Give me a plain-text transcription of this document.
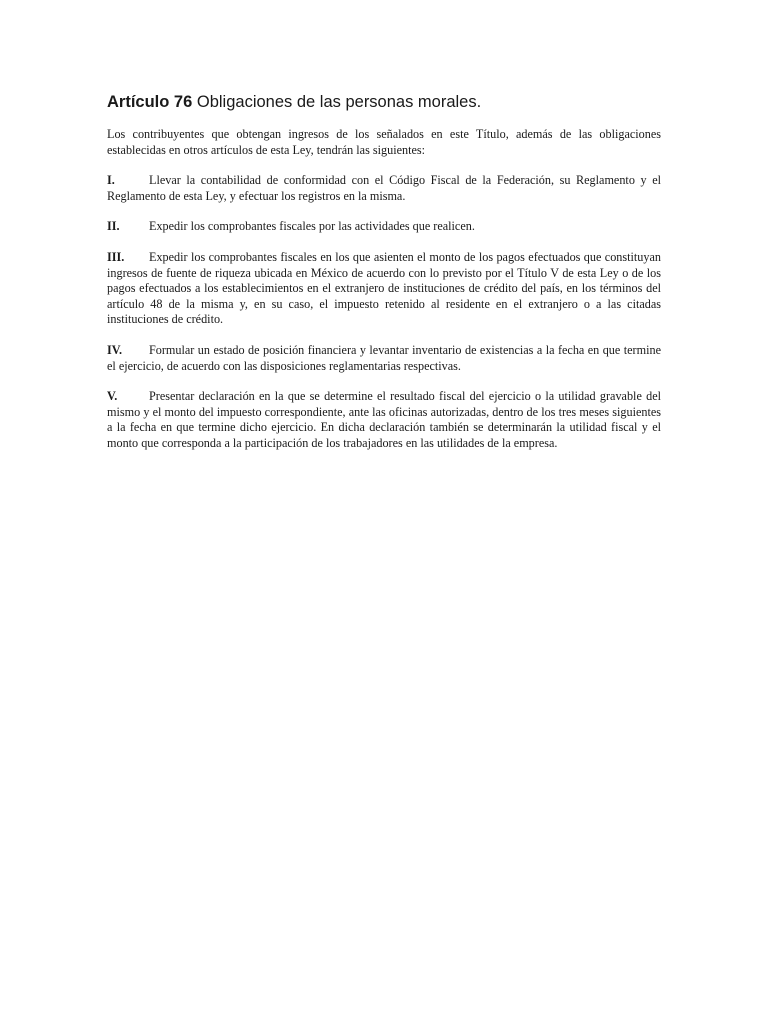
Artículo 76 Obligaciones de las personas morales.

Los contribuyentes que obtengan ingresos de los señalados en este Título, además de las obligaciones establecidas en otros artículos de esta Ley, tendrán las siguientes:

I.	Llevar la contabilidad de conformidad con el Código Fiscal de la Federación, su Reglamento y el Reglamento de esta Ley, y efectuar los registros en la misma.

II. Expedir los comprobantes fiscales por las actividades que realicen.

III. Expedir los comprobantes fiscales en los que asienten el monto de los pagos efectuados que constituyan ingresos de fuente de riqueza ubicada en México de acuerdo con lo previsto por el Título V de esta Ley o de los pagos efectuados a los establecimientos en el extranjero de instituciones de crédito del país, en los términos del artículo 48 de la misma y, en su caso, el impuesto retenido al residente en el extranjero o a las citadas instituciones de crédito.

IV. Formular un estado de posición financiera y levantar inventario de existencias a la fecha en que termine el ejercicio, de acuerdo con las disposiciones reglamentarias respectivas.

V.	Presentar declaración en la que se determine el resultado fiscal del ejercicio o la utilidad gravable del mismo y el monto del impuesto correspondiente, ante las oficinas autorizadas, dentro de los tres meses siguientes a la fecha en que termine dicho ejercicio. En dicha declaración también se determinarán la utilidad fiscal y el monto que corresponda a la participación de los trabajadores en las utilidades de la empresa.
